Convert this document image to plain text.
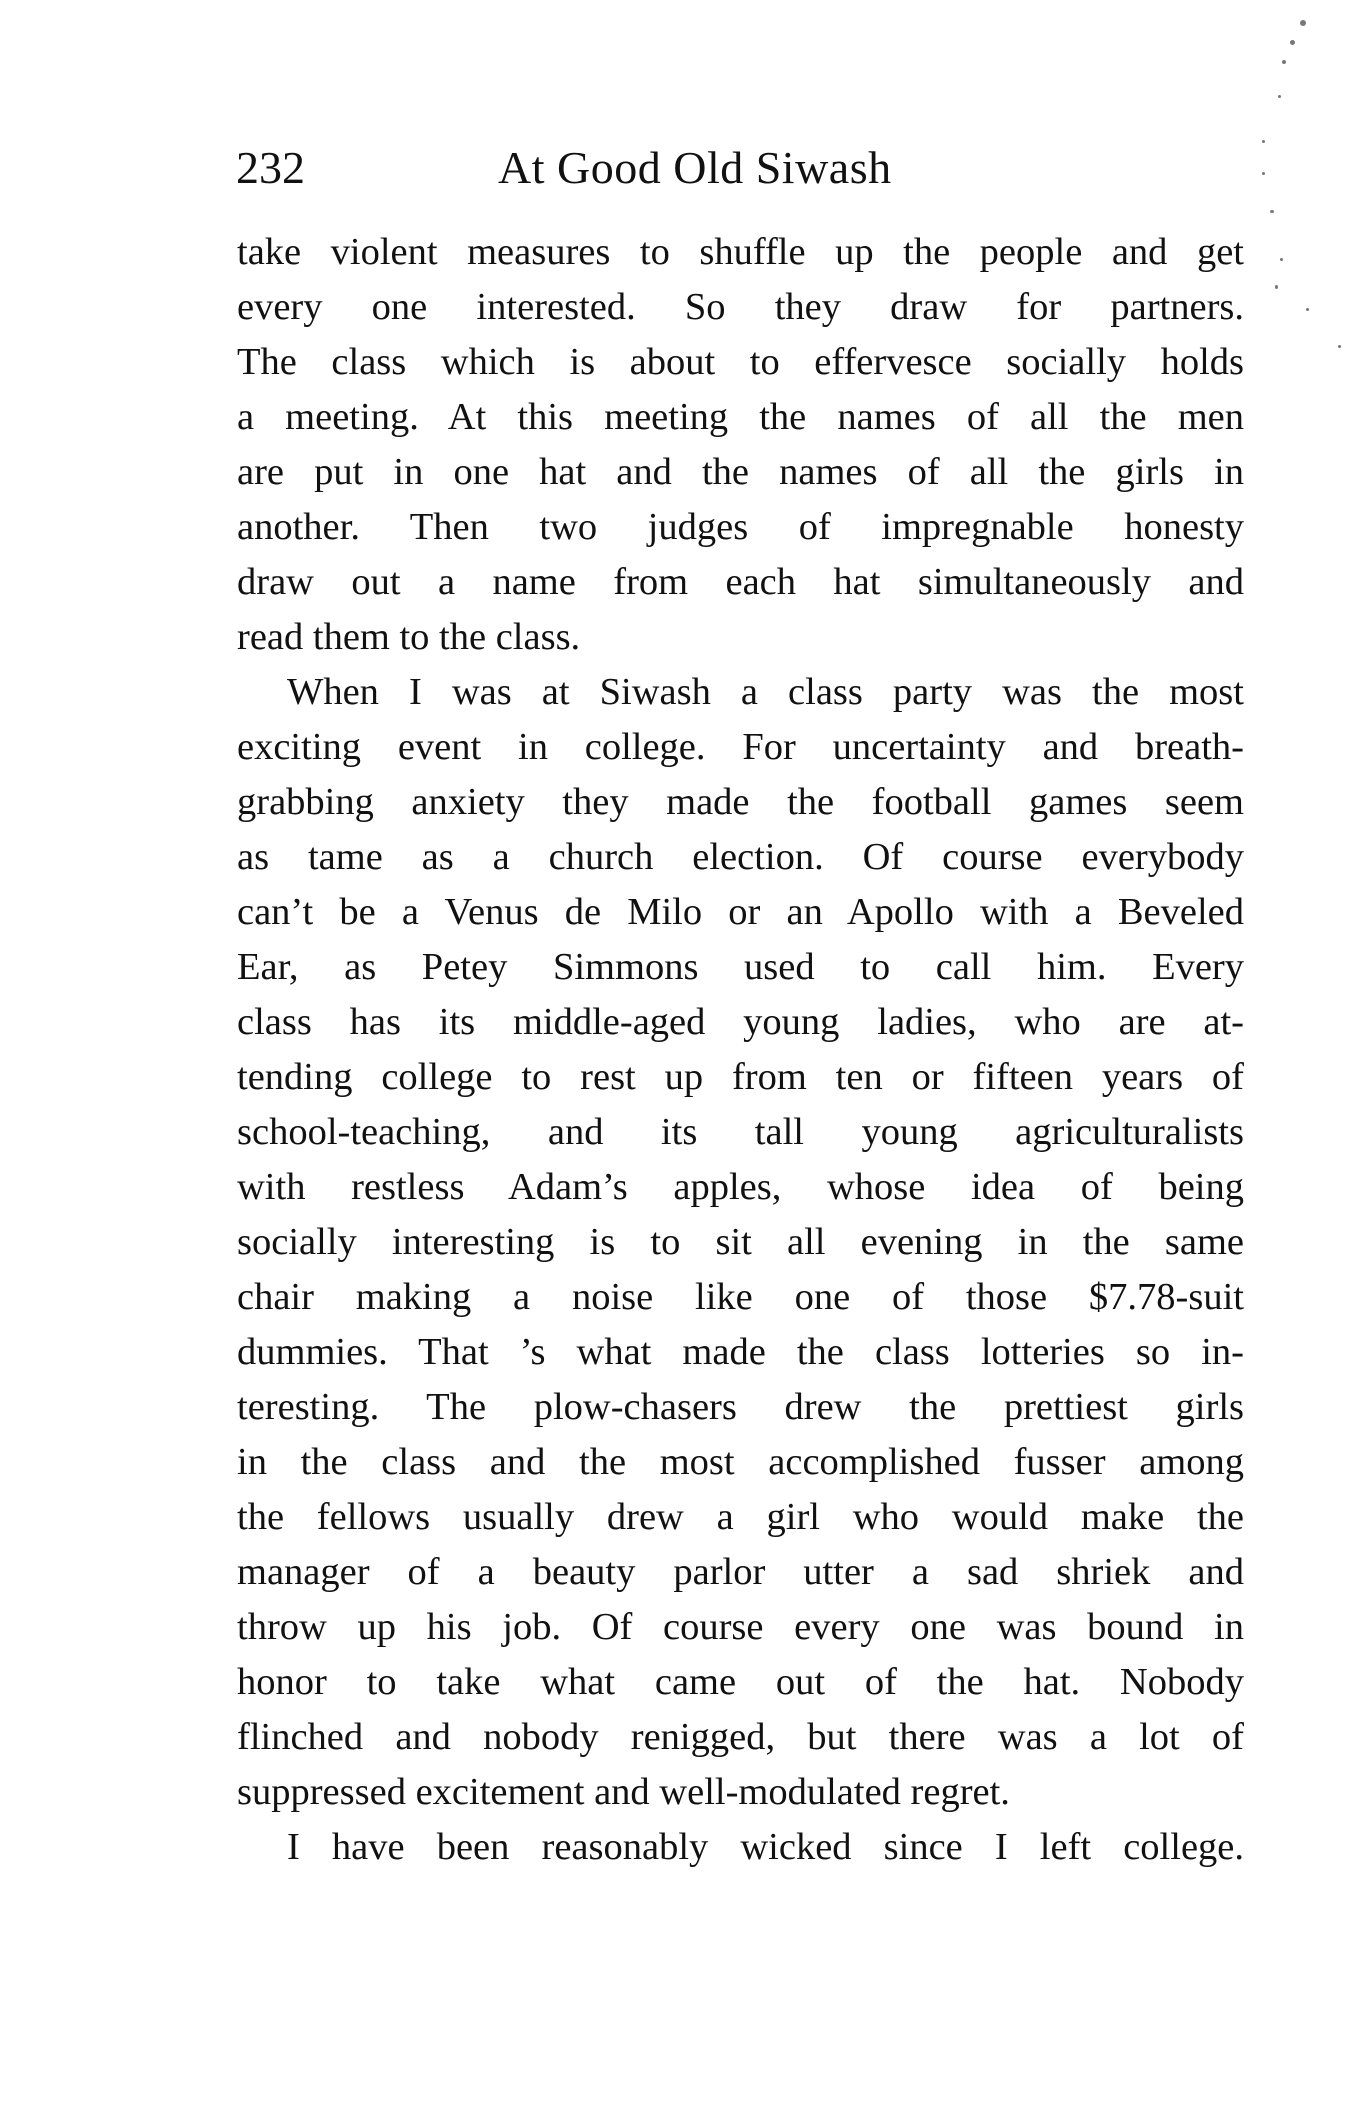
232	At Good Old Siwash
take violent measures to shuffle up the people and get
every one interested. So they draw for partners.
The class which is about to effervesce socially holds
a meeting. At this meeting the names of all the men
are put in one hat and the names of all the girls in
another. Then two judges of impregnable honesty
draw out a name from each hat simultaneously and
read them to the class.
When I was at Siwash a class party was the most
exciting event in college. For uncertainty and breath-
grabbing anxiety they made the football games seem
as tame as a church election. Of course everybody
can’t be a Venus de Milo or an Apollo with a Beveled
Ear, as Petey Simmons used to call him. Every
class has its middle-aged young ladies, who are at-
tending college to rest up from ten or fifteen years of
school-teaching, and its tall young agriculturalists
with restless Adam’s apples, whose idea of being
socially interesting is to sit all evening in the same
chair making a noise like one of those $7.78-suit
dummies. That ’s what made the class lotteries so in-
teresting. The plow-chasers drew the prettiest girls
in the class and the most accomplished fusser among
the fellows usually drew a girl who would make the
manager of a beauty parlor utter a sad shriek and
throw up his job. Of course every one was bound in
honor to take what came out of the hat. Nobody
flinched and nobody renigged, but there was a lot of
suppressed excitement and well-modulated regret.
I have been reasonably wicked since I left college.
